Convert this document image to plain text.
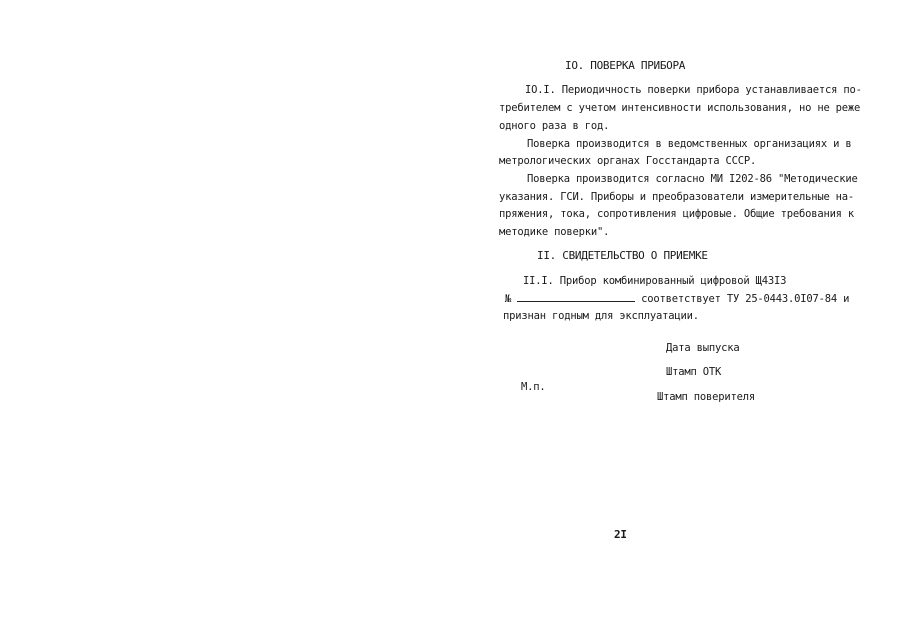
IO. ПОВЕРКА ПРИБОРА
IO.I. Периодичность поверки прибора устанавливается по-
требителем с учетом интенсивности использования, но не реже
одного раза в год.
Поверка производится в ведомственных организациях и в
метрологических органах Госстандарта СССР.
Поверка производится согласно МИ I202-86 "Методические
указания. ГСИ. Приборы и преобразователи измерительные на-
пряжения, тока, сопротивления цифровые. Общие требования к
методике поверки".
II. СВИДЕТЕЛЬСТВО О ПРИЕМКЕ
II.I. Прибор комбинированный цифровой Щ43I3
№	соответствует ТУ 25-0443.0I07-84 и
признан годным для эксплуатации.
Дата выпуска
Штамп ОТК
М.п.
Штамп поверителя
2I
